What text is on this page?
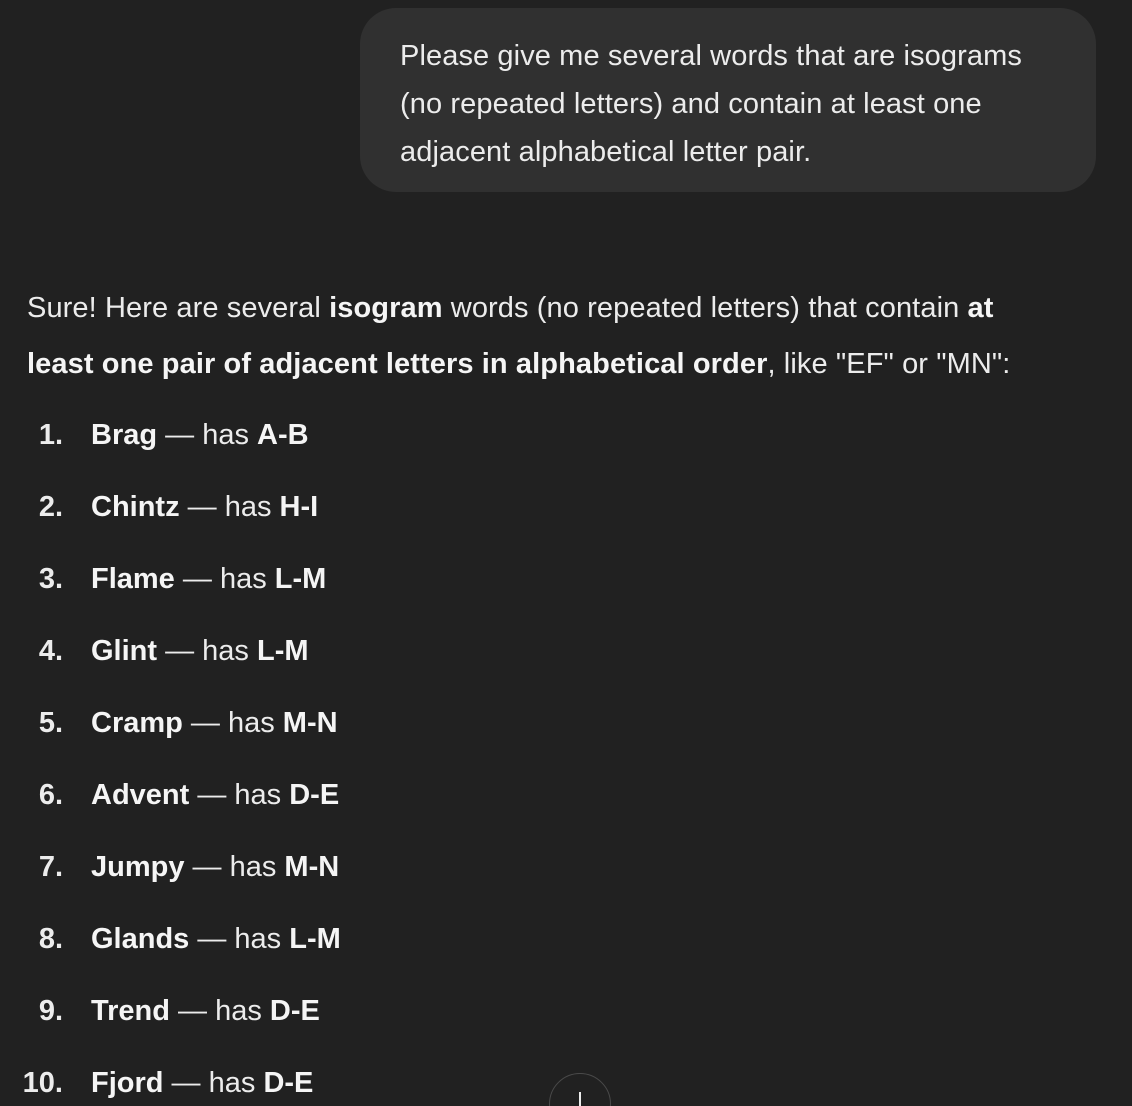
Please give me several words that are isograms
(no repeated letters) and contain at least one
adjacent alphabetical letter pair.

Sure! Here are several isogram words (no repeated letters) that contain at
least one pair of adjacent letters in alphabetical order, like "EF" or "MN":

1. Brag — has A-B
2. Chintz — has H-I
3. Flame — has L-M
4. Glint — has L-M
5. Cramp — has M-N
6. Advent — has D-E
7. Jumpy — has M-N
8. Glands — has L-M
9. Trend — has D-E
10. Fjord — has D-E
